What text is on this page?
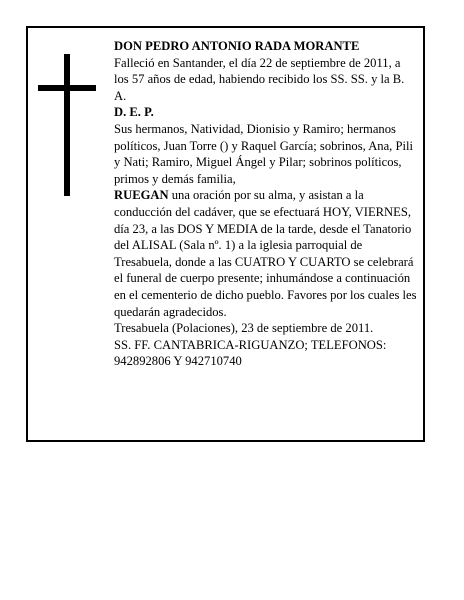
DON PEDRO ANTONIO RADA MORANTE

Falleció en Santander, el día 22 de septiembre de 2011, a los 57 años de edad, habiendo recibido los SS. SS. y la B. A.

D. E. P.

Sus hermanos, Natividad, Dionisio y Ramiro; hermanos políticos, Juan Torre () y Raquel García; sobrinos, Ana, Pili y Nati; Ramiro, Miguel Ángel y Pilar; sobrinos políticos, primos y demás familia,

RUEGAN una oración por su alma, y asistan a la conducción del cadáver, que se efectuará HOY, VIERNES, día 23, a las DOS Y MEDIA de la tarde, desde el Tanatorio del ALISAL (Sala nº. 1) a la iglesia parroquial de Tresabuela, donde a las CUATRO Y CUARTO se celebrará el funeral de cuerpo presente; inhumándose a continuación en el cementerio de dicho pueblo. Favores por los cuales les quedarán agradecidos.

Tresabuela (Polaciones), 23 de septiembre de 2011.

SS. FF. CANTABRICA-RIGUANZO; TELEFONOS: 942892806 Y 942710740
